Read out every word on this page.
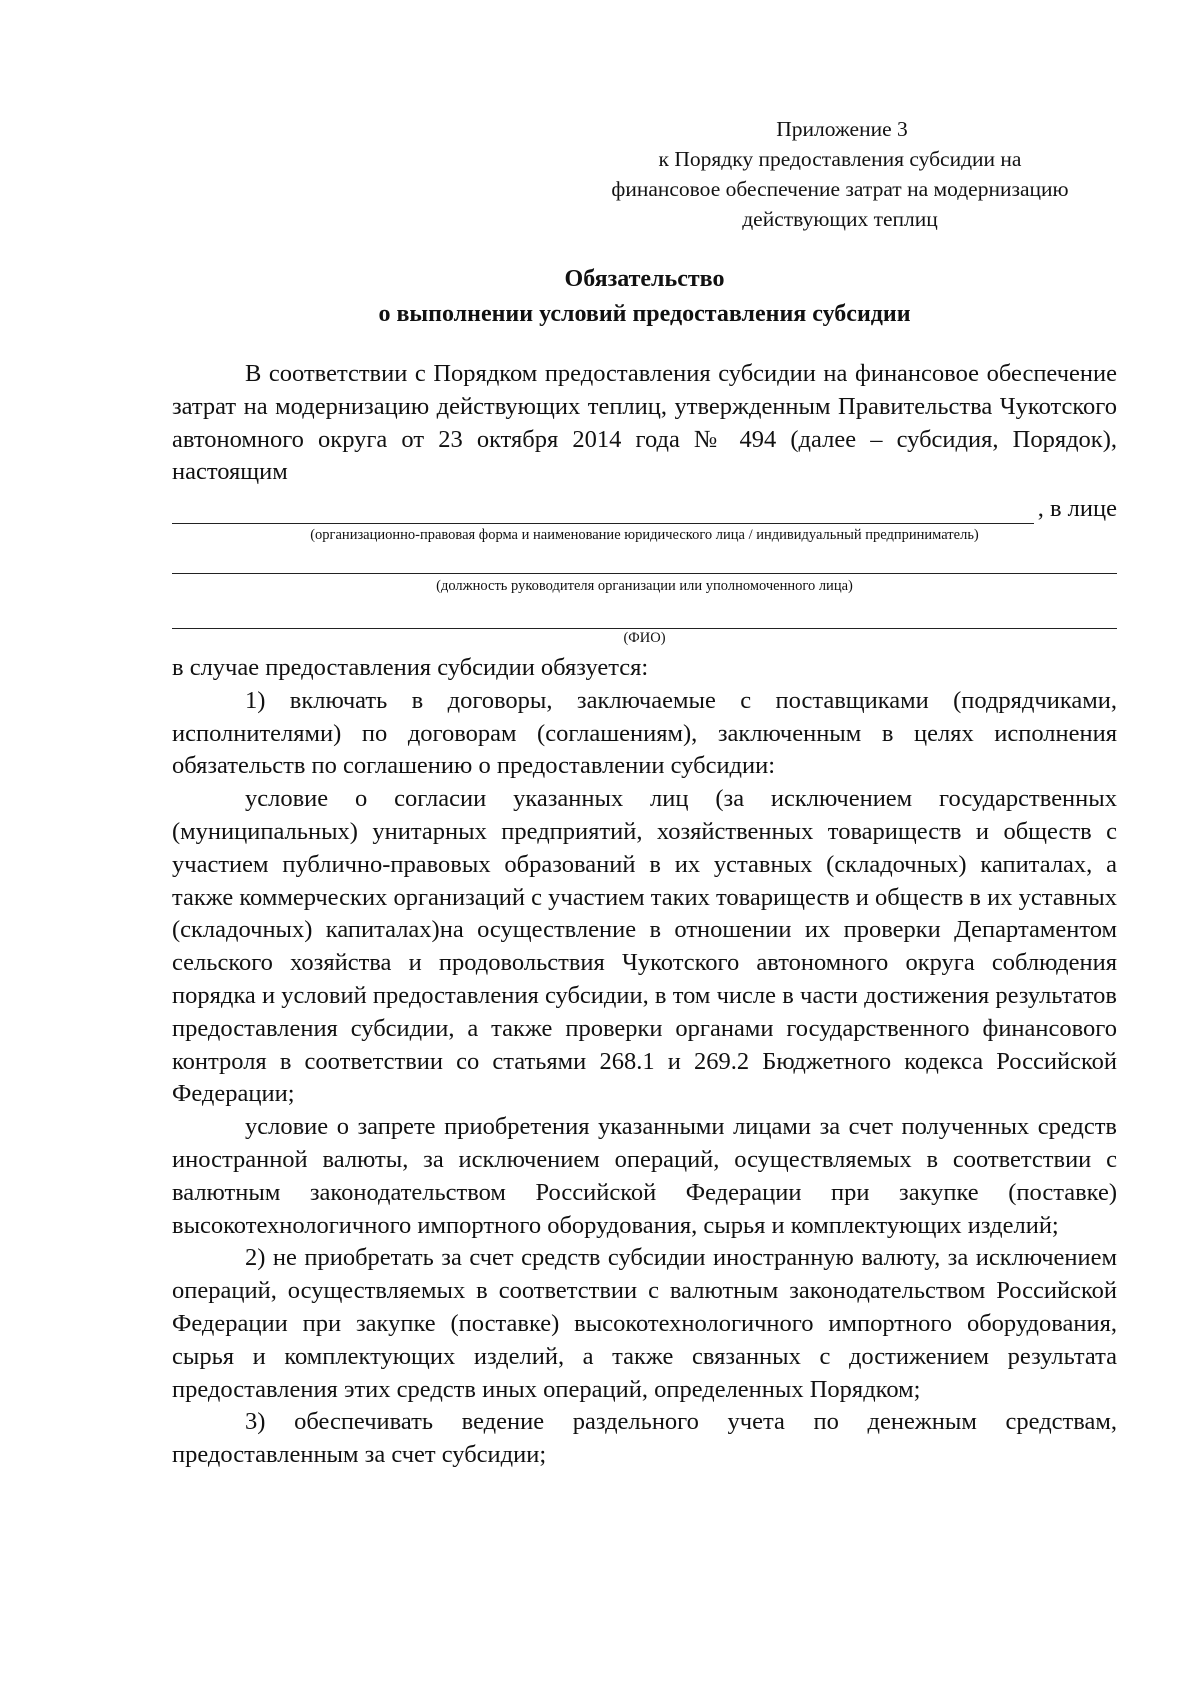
Приложение 3
к Порядку предоставления субсидии на
финансовое обеспечение затрат на модернизацию
действующих теплиц
Обязательство
о выполнении условий предоставления субсидии

В соответствии с Порядком предоставления субсидии на финансовое обеспечение затрат на модернизацию действующих теплиц, утвержденным Правительства Чукотского автономного округа от 23 октября 2014 года № 494 (далее – субсидия, Порядок), настоящим

, в лице
(организационно-правовая форма и наименование юридического лица / индивидуальный предприниматель)
(должность руководителя организации или уполномоченного лица)
(ФИО)

в случае предоставления субсидии обязуется:

1) включать в договоры, заключаемые с поставщиками (подрядчиками, исполнителями) по договорам (соглашениям), заключенным в целях исполнения обязательств по соглашению о предоставлении субсидии:

условие о согласии указанных лиц (за исключением государственных (муниципальных) унитарных предприятий, хозяйственных товариществ и обществ с участием публично-правовых образований в их уставных (складочных) капиталах, а также коммерческих организаций с участием таких товариществ и обществ в их уставных (складочных) капиталах)на осуществление в отношении их проверки Департаментом сельского хозяйства и продовольствия Чукотского автономного округа соблюдения порядка и условий предоставления субсидии, в том числе в части достижения результатов предоставления субсидии, а также проверки органами государственного финансового контроля в соответствии со статьями 268.1 и 269.2 Бюджетного кодекса Российской Федерации;

условие о запрете приобретения указанными лицами за счет полученных средств иностранной валюты, за исключением операций, осуществляемых в соответствии с валютным законодательством Российской Федерации при закупке (поставке) высокотехнологичного импортного оборудования, сырья и комплектующих изделий;

2) не приобретать за счет средств субсидии иностранную валюту, за исключением операций, осуществляемых в соответствии с валютным законодательством Российской Федерации при закупке (поставке) высокотехнологичного импортного оборудования, сырья и комплектующих изделий, а также связанных с достижением результата предоставления этих средств иных операций, определенных Порядком;

3) обеспечивать ведение раздельного учета по денежным средствам, предоставленным за счет субсидии;
